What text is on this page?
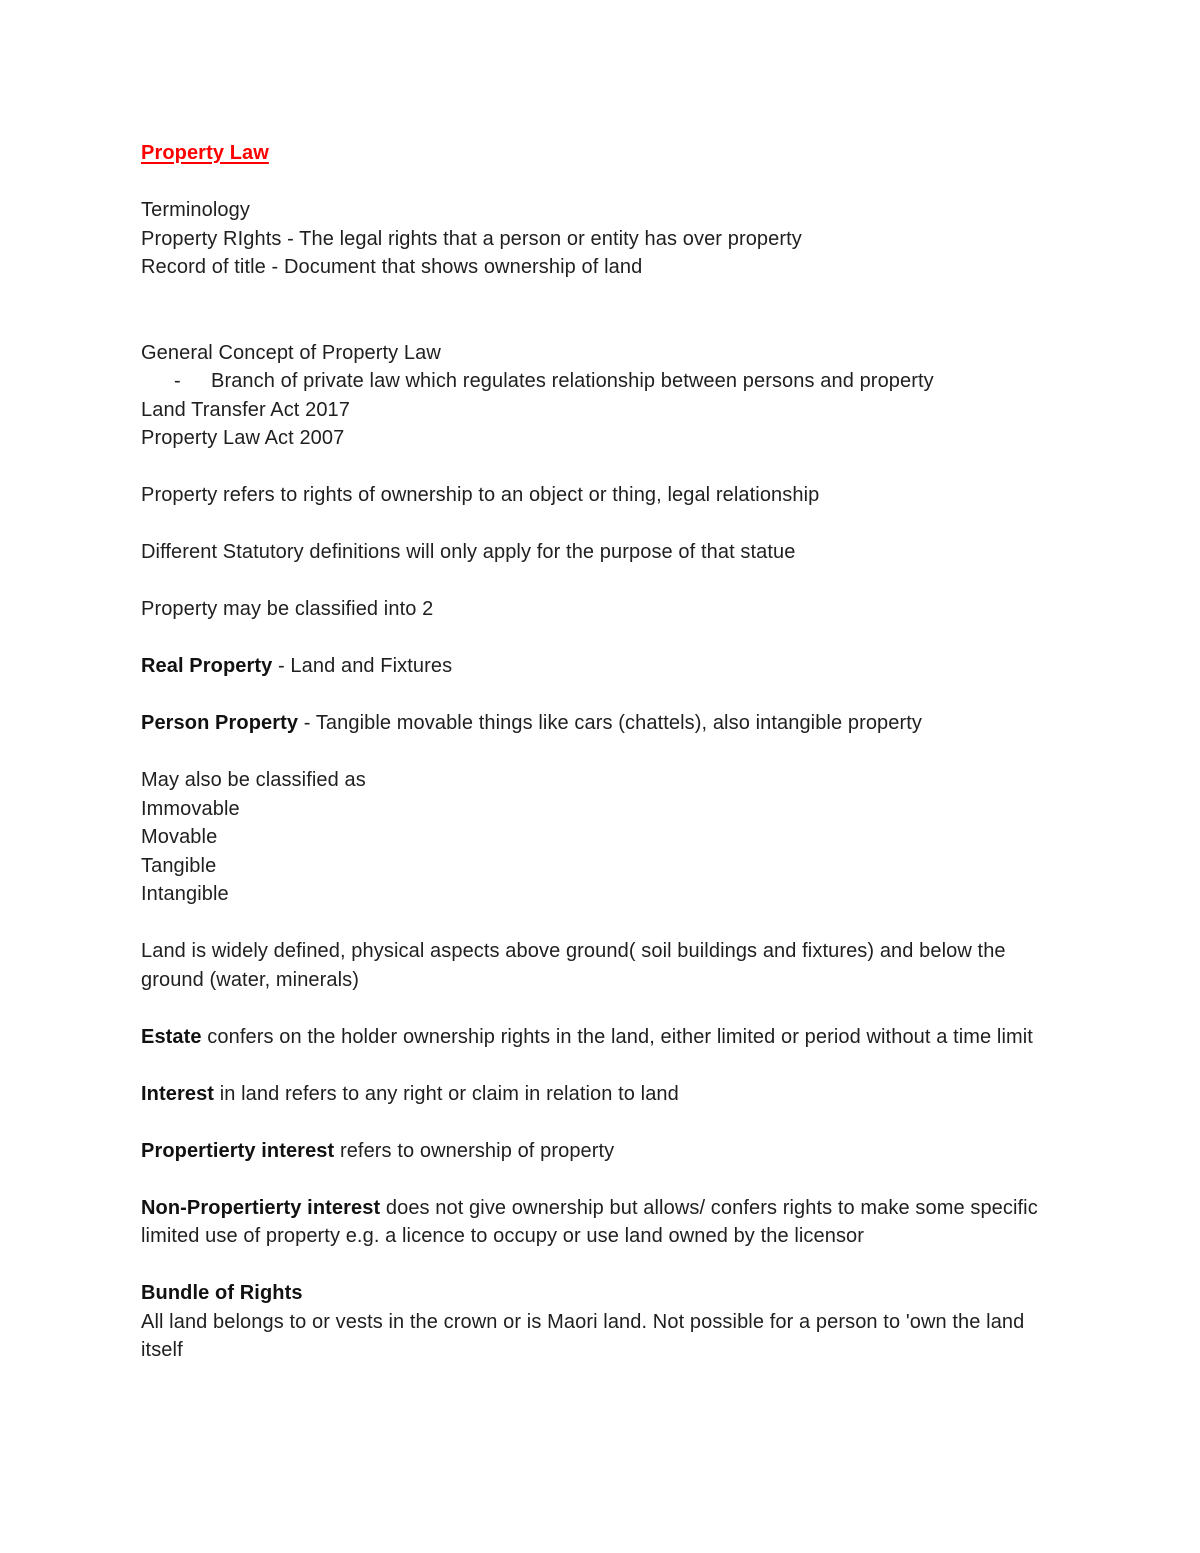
Property Law
Terminology
Property RIghts - The legal rights that a person or entity has over property
Record of title - Document that shows ownership of land
General Concept of Property Law
- Branch of private law which regulates relationship between persons and property
Land Transfer Act 2017
Property Law Act 2007
Property refers to rights of ownership to an object or thing, legal relationship
Different Statutory definitions will only apply for the purpose of that statue
Property may be classified into 2
Real Property - Land and Fixtures
Person Property - Tangible movable things like cars (chattels), also intangible property
May also be classified as
Immovable
Movable
Tangible
Intangible
Land is widely defined, physical aspects above ground( soil buildings and fixtures) and below the ground (water, minerals)
Estate confers on the holder ownership rights in the land, either limited or period without a time limit
Interest in land refers to any right or claim in relation to land
Propertierty interest refers to ownership of property
Non-Propertierty interest does not give ownership but allows/ confers rights to make some specific limited use of property e.g. a licence to occupy or use land owned by the licensor
Bundle of Rights
All land belongs to or vests in the crown or is Maori land. Not possible for a person to 'own the land itself
